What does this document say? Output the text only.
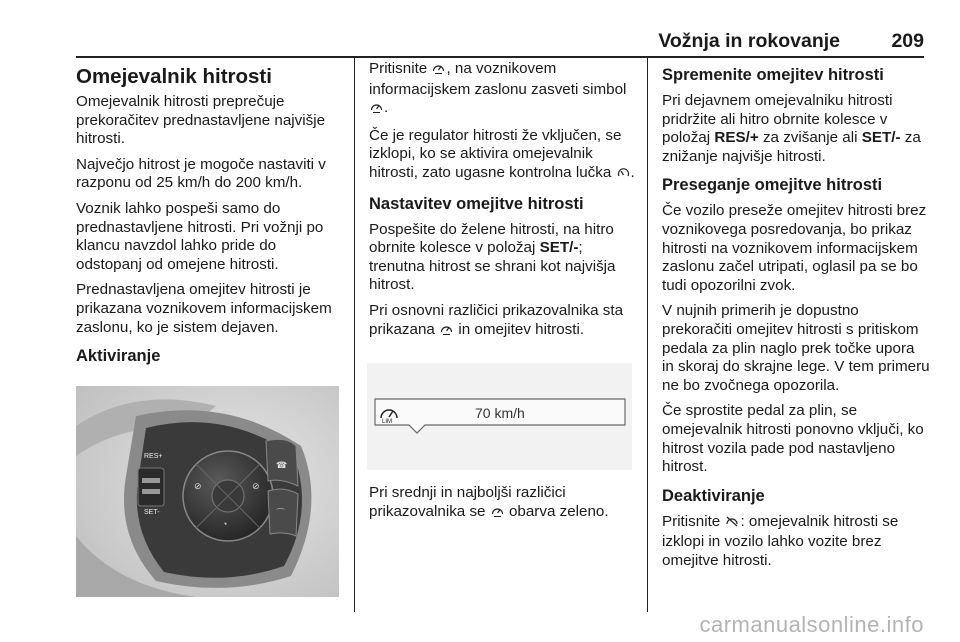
Vožnja in rokovanje	209
Omejevalnik hitrosti

Omejevalnik hitrosti preprečuje prekoračitev prednastavljene najvišje hitrosti.

Največjo hitrost je mogoče nastaviti v razponu od 25 km/h do 200 km/h.

Voznik lahko pospeši samo do prednastavljene hitrosti. Pri vožnji po klancu navzdol lahko pride do odstopanj od omejene hitrosti.

Prednastavljena omejitev hitrosti je prikazana voznikovem informacijskem zaslonu, ko je sistem dejaven.

Aktiviranje
RES+
SET-
⊘	⊘
◔
☎
⌒

Pritisnite , na voznikovem informacijskem zaslonu zasveti simbol .

Če je regulator hitrosti že vključen, se izklopi, ko se aktivira omejevalnik hitrosti, zato ugasne kontrolna lučka .

Nastavitev omejitve hitrosti

Pospešite do želene hitrosti, na hitro obrnite kolesce v položaj SET/-; trenutna hitrost se shrani kot najvišja hitrost.

Pri osnovni različici prikazovalnika sta prikazana in omejitev hitrosti.

LIM
70 km/h

Pri srednji in najboljši različici prikazovalnika se obarva zeleno.

Spremenite omejitev hitrosti

Pri dejavnem omejevalniku hitrosti pridržite ali hitro obrnite kolesce v položaj RES/+ za zvišanje ali SET/- za znižanje najvišje hitrosti.

Preseganje omejitve hitrosti

Če vozilo preseže omejitev hitrosti brez voznikovega posredovanja, bo prikaz hitrosti na voznikovem informacijskem zaslonu začel utripati, oglasil pa se bo tudi opozorilni zvok.

V nujnih primerih je dopustno prekoračiti omejitev hitrosti s pritiskom pedala za plin naglo prek točke upora in skoraj do skrajne lege. V tem primeru ne bo zvočnega opozorila.

Če sprostite pedal za plin, se omejevalnik hitrosti ponovno vključi, ko hitrost vozila pade pod nastavljeno hitrost.

Deaktiviranje

Pritisnite : omejevalnik hitrosti se izklopi in vozilo lahko vozite brez omejitve hitrosti.

carmanualsonline.info
